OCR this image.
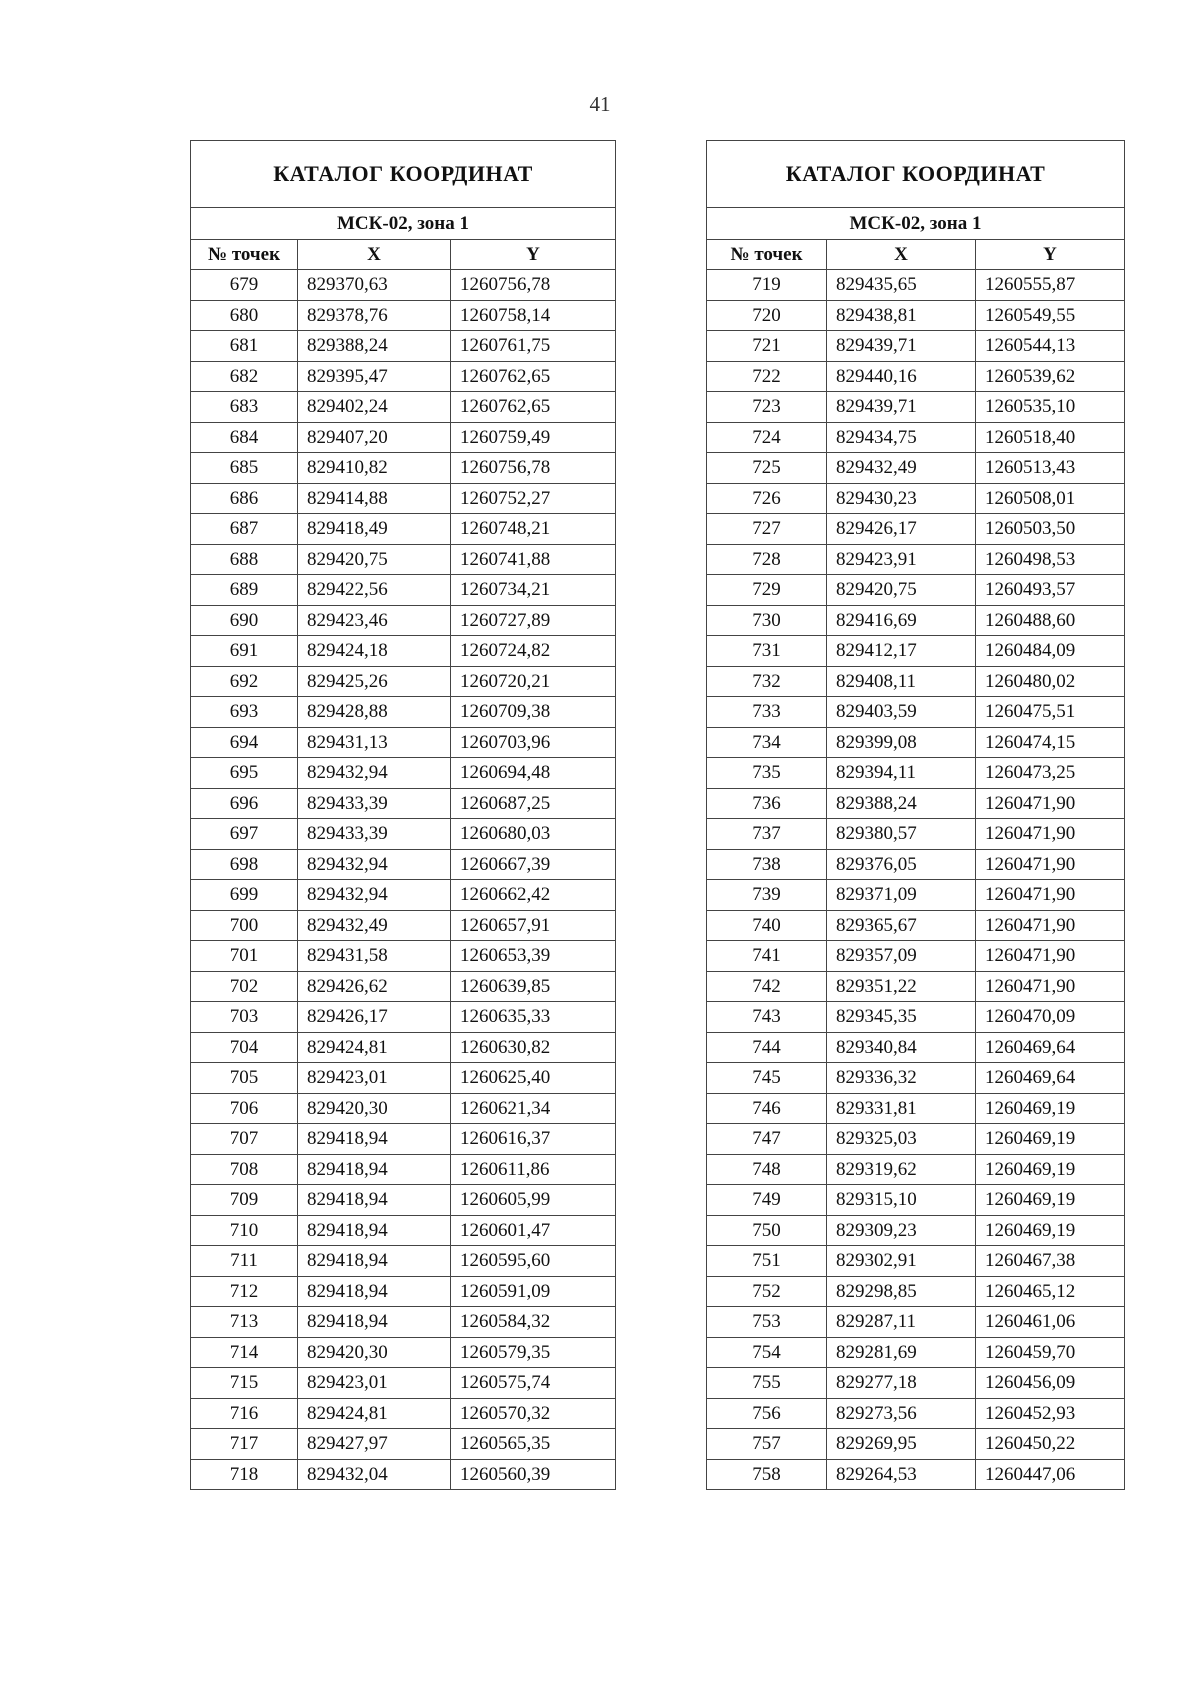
41
КАТАЛОГ КООРДИНАТ		
МСК-02, зона 1		
№ точек	X	Y
679	829370,63	1260756,78
680	829378,76	1260758,14
681	829388,24	1260761,75
682	829395,47	1260762,65
683	829402,24	1260762,65
684	829407,20	1260759,49
685	829410,82	1260756,78
686	829414,88	1260752,27
687	829418,49	1260748,21
688	829420,75	1260741,88
689	829422,56	1260734,21
690	829423,46	1260727,89
691	829424,18	1260724,82
692	829425,26	1260720,21
693	829428,88	1260709,38
694	829431,13	1260703,96
695	829432,94	1260694,48
696	829433,39	1260687,25
697	829433,39	1260680,03
698	829432,94	1260667,39
699	829432,94	1260662,42
700	829432,49	1260657,91
701	829431,58	1260653,39
702	829426,62	1260639,85
703	829426,17	1260635,33
704	829424,81	1260630,82
705	829423,01	1260625,40
706	829420,30	1260621,34
707	829418,94	1260616,37
708	829418,94	1260611,86
709	829418,94	1260605,99
710	829418,94	1260601,47
711	829418,94	1260595,60
712	829418,94	1260591,09
713	829418,94	1260584,32
714	829420,30	1260579,35
715	829423,01	1260575,74
716	829424,81	1260570,32
717	829427,97	1260565,35
718	829432,04	1260560,39
КАТАЛОГ КООРДИНАТ		
МСК-02, зона 1		
№ точек	X	Y
719	829435,65	1260555,87
720	829438,81	1260549,55
721	829439,71	1260544,13
722	829440,16	1260539,62
723	829439,71	1260535,10
724	829434,75	1260518,40
725	829432,49	1260513,43
726	829430,23	1260508,01
727	829426,17	1260503,50
728	829423,91	1260498,53
729	829420,75	1260493,57
730	829416,69	1260488,60
731	829412,17	1260484,09
732	829408,11	1260480,02
733	829403,59	1260475,51
734	829399,08	1260474,15
735	829394,11	1260473,25
736	829388,24	1260471,90
737	829380,57	1260471,90
738	829376,05	1260471,90
739	829371,09	1260471,90
740	829365,67	1260471,90
741	829357,09	1260471,90
742	829351,22	1260471,90
743	829345,35	1260470,09
744	829340,84	1260469,64
745	829336,32	1260469,64
746	829331,81	1260469,19
747	829325,03	1260469,19
748	829319,62	1260469,19
749	829315,10	1260469,19
750	829309,23	1260469,19
751	829302,91	1260467,38
752	829298,85	1260465,12
753	829287,11	1260461,06
754	829281,69	1260459,70
755	829277,18	1260456,09
756	829273,56	1260452,93
757	829269,95	1260450,22
758	829264,53	1260447,06
